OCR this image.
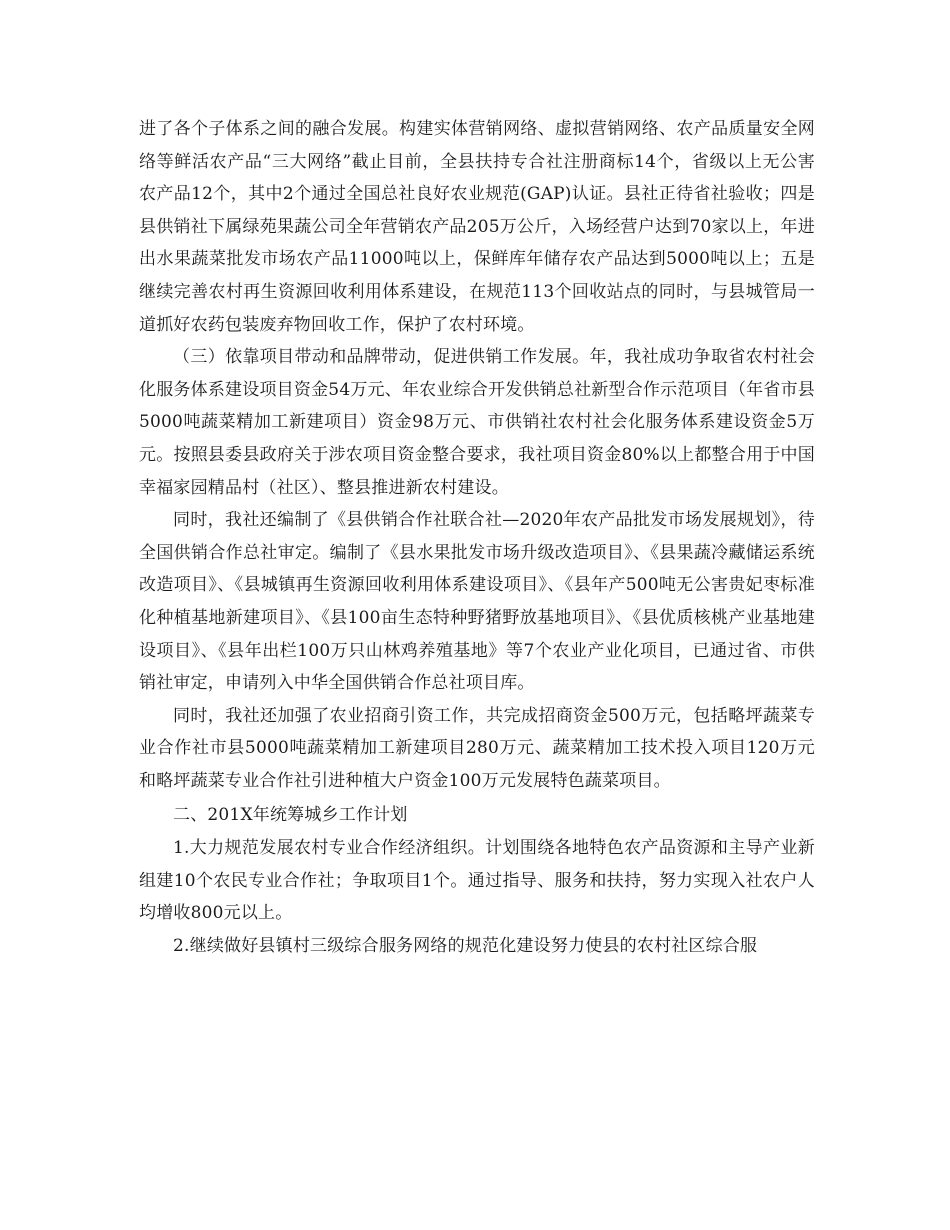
进了各个子体系之间的融合发展。构建实体营销网络、虚拟营销网络、农产品质量安全网络等鲜活农产品“三大网络”截止目前，全县扶持专合社注册商标14个，省级以上无公害农产品12个，其中2个通过全国总社良好农业规范(GAP)认证。县社正待省社验收；四是县供销社下属绿苑果蔬公司全年营销农产品205万公斤，入场经营户达到70家以上，年进出水果蔬菜批发市场农产品11000吨以上，保鲜库年储存农产品达到5000吨以上；五是继续完善农村再生资源回收利用体系建设，在规范113个回收站点的同时，与县城管局一道抓好农药包装废弃物回收工作，保护了农村环境。

（三）依靠项目带动和品牌带动，促进供销工作发展。年，我社成功争取省农村社会化服务体系建设项目资金54万元、年农业综合开发供销总社新型合作示范项目（年省市县5000吨蔬菜精加工新建项目）资金98万元、市供销社农村社会化服务体系建设资金5万元。按照县委县政府关于涉农项目资金整合要求，我社项目资金80%以上都整合用于中国幸福家园精品村（社区）、整县推进新农村建设。

同时，我社还编制了《县供销合作社联合社—2020年农产品批发市场发展规划》，待全国供销合作总社审定。编制了《县水果批发市场升级改造项目》、《县果蔬冷藏储运系统改造项目》、《县城镇再生资源回收利用体系建设项目》、《县年产500吨无公害贵妃枣标准化种植基地新建项目》、《县100亩生态特种野猪野放基地项目》、《县优质核桃产业基地建设项目》、《县年出栏100万只山林鸡养殖基地》等7个农业产业化项目，已通过省、市供销社审定，申请列入中华全国供销合作总社项目库。

同时，我社还加强了农业招商引资工作，共完成招商资金500万元，包括略坪蔬菜专业合作社市县5000吨蔬菜精加工新建项目280万元、蔬菜精加工技术投入项目120万元和略坪蔬菜专业合作社引进种植大户资金100万元发展特色蔬菜项目。

二、201X年统筹城乡工作计划

1.大力规范发展农村专业合作经济组织。计划围绕各地特色农产品资源和主导产业新组建10个农民专业合作社；争取项目1个。通过指导、服务和扶持，努力实现入社农户人均增收800元以上。

2.继续做好县镇村三级综合服务网络的规范化建设努力使县的农村社区综合服
